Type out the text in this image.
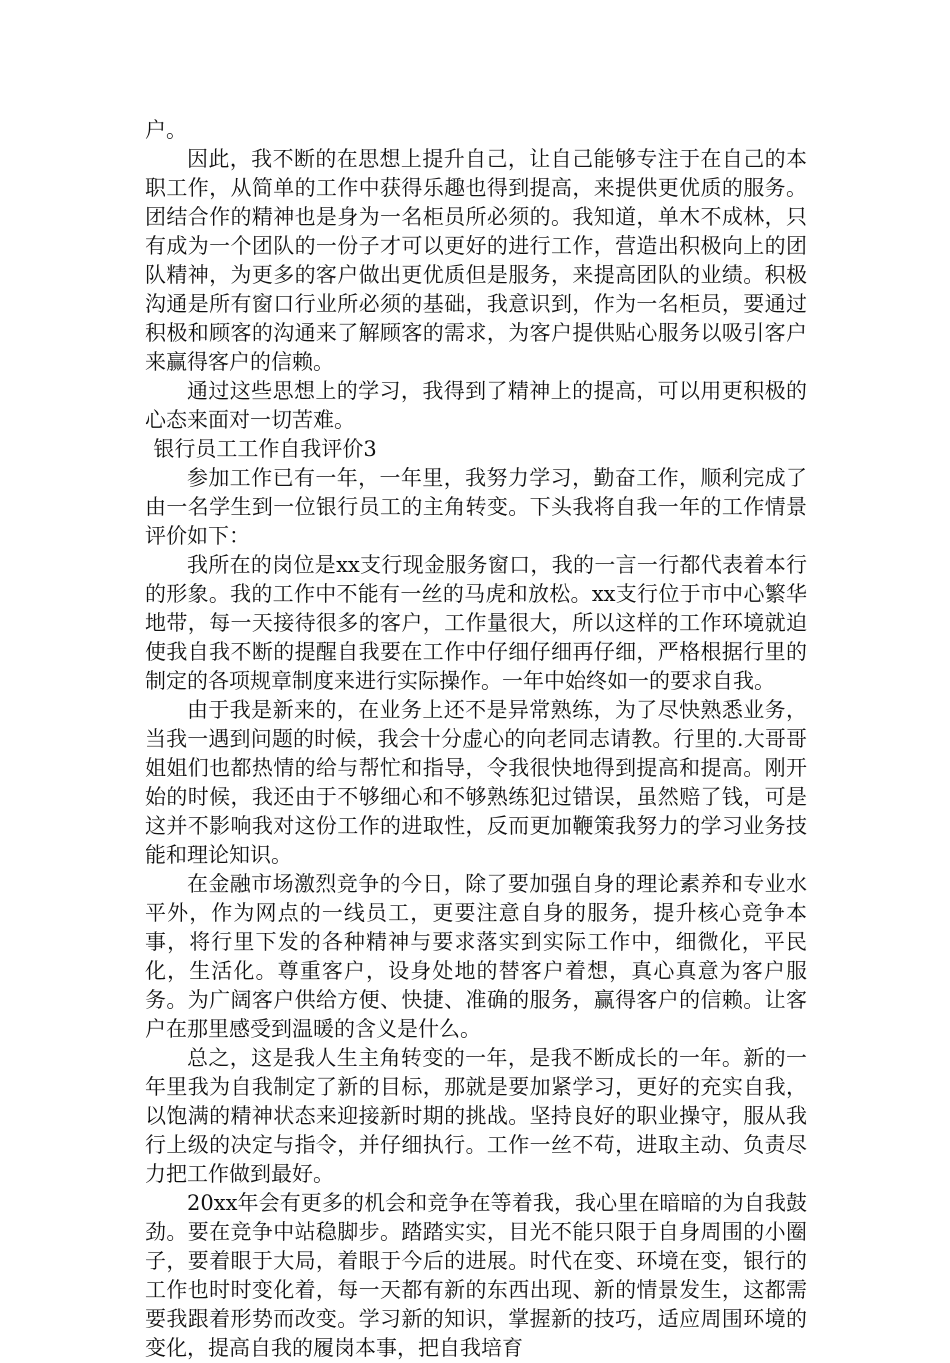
户。

因此，我不断的在思想上提升自己，让自己能够专注于在自己的本职工作，从简单的工作中获得乐趣也得到提高，来提供更优质的服务。团结合作的精神也是身为一名柜员所必须的。我知道，单木不成林，只有成为一个团队的一份子才可以更好的进行工作，营造出积极向上的团队精神，为更多的客户做出更优质但是服务，来提高团队的业绩。积极沟通是所有窗口行业所必须的基础，我意识到，作为一名柜员，要通过积极和顾客的沟通来了解顾客的需求，为客户提供贴心服务以吸引客户来赢得客户的信赖。

通过这些思想上的学习，我得到了精神上的提高，可以用更积极的心态来面对一切苦难。

银行员工工作自我评价3

参加工作已有一年，一年里，我努力学习，勤奋工作，顺利完成了由一名学生到一位银行员工的主角转变。下头我将自我一年的工作情景评价如下：

我所在的岗位是xx支行现金服务窗口，我的一言一行都代表着本行的形象。我的工作中不能有一丝的马虎和放松。xx支行位于市中心繁华地带，每一天接待很多的客户，工作量很大，所以这样的工作环境就迫使我自我不断的提醒自我要在工作中仔细仔细再仔细，严格根据行里的制定的各项规章制度来进行实际操作。一年中始终如一的要求自我。

由于我是新来的，在业务上还不是异常熟练，为了尽快熟悉业务，当我一遇到问题的时候，我会十分虚心的向老同志请教。行里的.大哥哥姐姐们也都热情的给与帮忙和指导，令我很快地得到提高和提高。刚开始的时候，我还由于不够细心和不够熟练犯过错误，虽然赔了钱，可是这并不影响我对这份工作的进取性，反而更加鞭策我努力的学习业务技能和理论知识。

在金融市场激烈竞争的今日，除了要加强自身的理论素养和专业水平外，作为网点的一线员工，更要注意自身的服务，提升核心竞争本事，将行里下发的各种精神与要求落实到实际工作中，细微化，平民化，生活化。尊重客户，设身处地的替客户着想，真心真意为客户服务。为广阔客户供给方便、快捷、准确的服务，赢得客户的信赖。让客户在那里感受到温暖的含义是什么。

总之，这是我人生主角转变的一年，是我不断成长的一年。新的一年里我为自我制定了新的目标，那就是要加紧学习，更好的充实自我，以饱满的精神状态来迎接新时期的挑战。坚持良好的职业操守，服从我行上级的决定与指令，并仔细执行。工作一丝不苟，进取主动、负责尽力把工作做到最好。

20xx年会有更多的机会和竞争在等着我，我心里在暗暗的为自我鼓劲。要在竞争中站稳脚步。踏踏实实，目光不能只限于自身周围的小圈子，要着眼于大局，着眼于今后的进展。时代在变、环境在变，银行的工作也时时变化着，每一天都有新的东西出现、新的情景发生，这都需要我跟着形势而改变。学习新的知识，掌握新的技巧，适应周围环境的变化，提高自我的履岗本事，把自我培育
